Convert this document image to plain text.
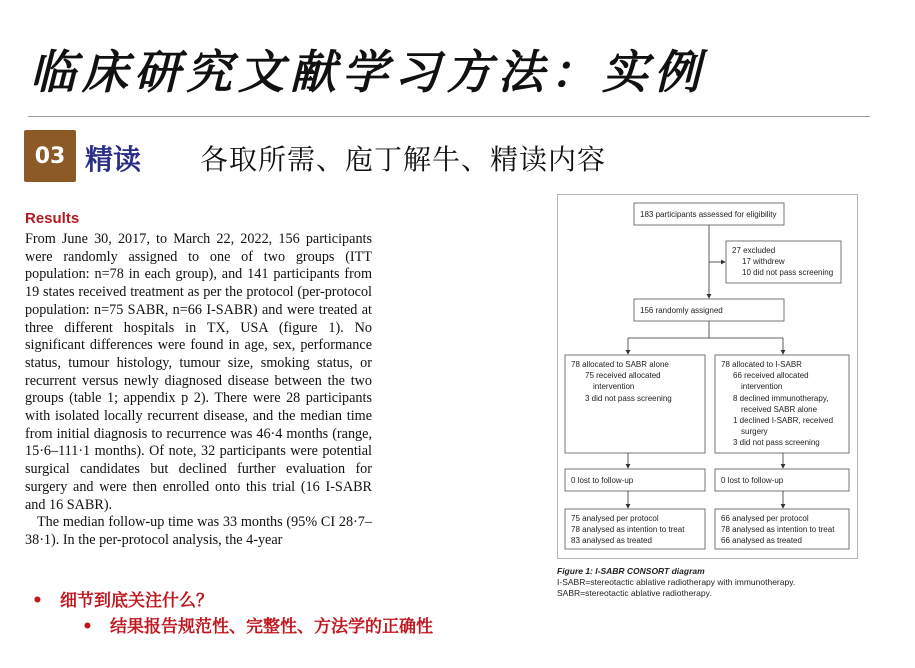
临床研究文献学习方法：实例
03 精读 各取所需、庖丁解牛、精读内容
Results

From June 30, 2017, to March 22, 2022, 156 participants were randomly assigned to one of two groups (ITT population: n=78 in each group), and 141 participants from 19 states received treatment as per the protocol (per-protocol population: n=75 SABR, n=66 I-SABR) and were treated at three different hospitals in TX, USA (figure 1). No significant differences were found in age, sex, performance status, tumour histology, tumour size, smoking status, or recurrent versus newly diagnosed disease between the two groups (table 1; appendix p 2). There were 28 participants with isolated locally recurrent disease, and the median time from initial diagnosis to recurrence was 46·4 months (range, 15·6–111·1 months). Of note, 32 participants were potential surgical candidates but declined further evaluation for surgery and were then enrolled onto this trial (16 I-SABR and 16 SABR).

The median follow-up time was 33 months (95% CI 28·7–38·1). In the per-protocol analysis, the 4-year

183 participants assessed for eligibility
27 excluded
17 withdrew
10 did not pass screening
156 randomly assigned
78 allocated to SABR alone
75 received allocated
intervention
3 did not pass screening
78 allocated to I-SABR
66 received allocated
intervention
8 declined immunotherapy,
received SABR alone
1 declined I-SABR, received
surgery
3 did not pass screening
0 lost to follow-up	0 lost to follow-up
75 analysed per protocol
78 analysed as intention to treat
83 analysed as treated
66 analysed per protocol
78 analysed as intention to treat
66 analysed as treated
Figure 1: I-SABR CONSORT diagram
I-SABR=stereotactic ablative radiotherapy with immunotherapy.
SABR=stereotactic ablative radiotherapy.
• 细节到底关注什么？
• 结果报告规范性、完整性、方法学的正确性
